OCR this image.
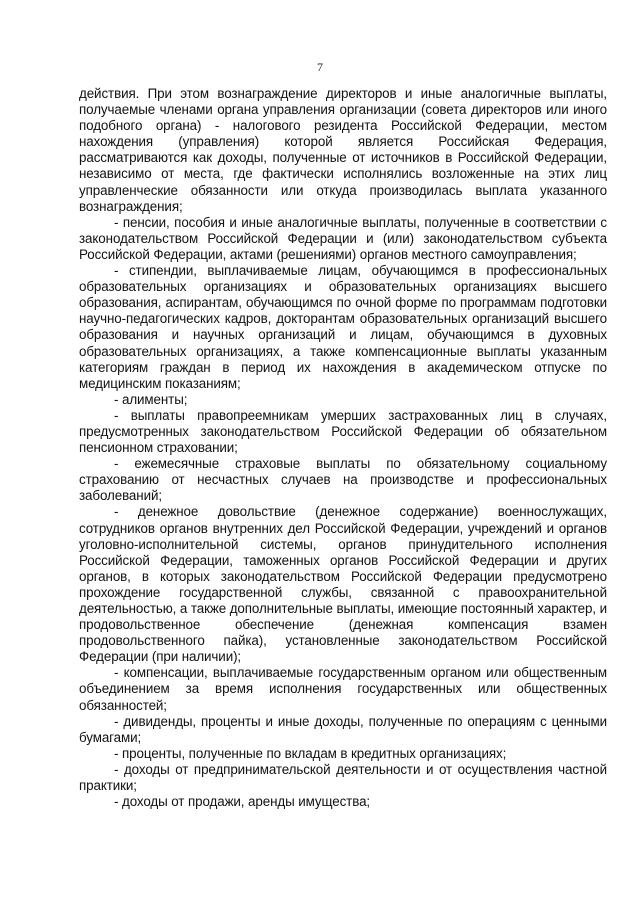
7

действия. При этом вознаграждение директоров и иные аналогичные выплаты, получаемые членами органа управления организации (совета директоров или иного подобного органа) - налогового резидента Российской Федерации, местом нахождения (управления) которой является Российская Федерация, рассматриваются как доходы, полученные от источников в Российской Федерации, независимо от места, где фактически исполнялись возложенные на этих лиц управленческие обязанности или откуда производилась выплата указанного вознаграждения;

- пенсии, пособия и иные аналогичные выплаты, полученные в соответствии с законодательством Российской Федерации и (или) законодательством субъекта Российской Федерации, актами (решениями) органов местного самоуправления;

- стипендии, выплачиваемые лицам, обучающимся в профессиональных образовательных организациях и образовательных организациях высшего образования, аспирантам, обучающимся по очной форме по программам подготовки научно-педагогических кадров, докторантам образовательных организаций высшего образования и научных организаций и лицам, обучающимся в духовных образовательных организациях, а также компенсационные выплаты указанным категориям граждан в период их нахождения в академическом отпуске по медицинским показаниям;

- алименты;

- выплаты правопреемникам умерших застрахованных лиц в случаях, предусмотренных законодательством Российской Федерации об обязательном пенсионном страховании;

- ежемесячные страховые выплаты по обязательному социальному страхованию от несчастных случаев на производстве и профессиональных заболеваний;

- денежное довольствие (денежное содержание) военнослужащих, сотрудников органов внутренних дел Российской Федерации, учреждений и органов уголовно-исполнительной системы, органов принудительного исполнения Российской Федерации, таможенных органов Российской Федерации и других органов, в которых законодательством Российской Федерации предусмотрено прохождение государственной службы, связанной с правоохранительной деятельностью, а также дополнительные выплаты, имеющие постоянный характер, и продовольственное обеспечение (денежная компенсация взамен продовольственного пайка), установленные законодательством Российской Федерации (при наличии);

- компенсации, выплачиваемые государственным органом или общественным объединением за время исполнения государственных или общественных обязанностей;

- дивиденды, проценты и иные доходы, полученные по операциям с ценными бумагами;

- проценты, полученные по вкладам в кредитных организациях;

- доходы от предпринимательской деятельности и от осуществления частной практики;

- доходы от продажи, аренды имущества;
